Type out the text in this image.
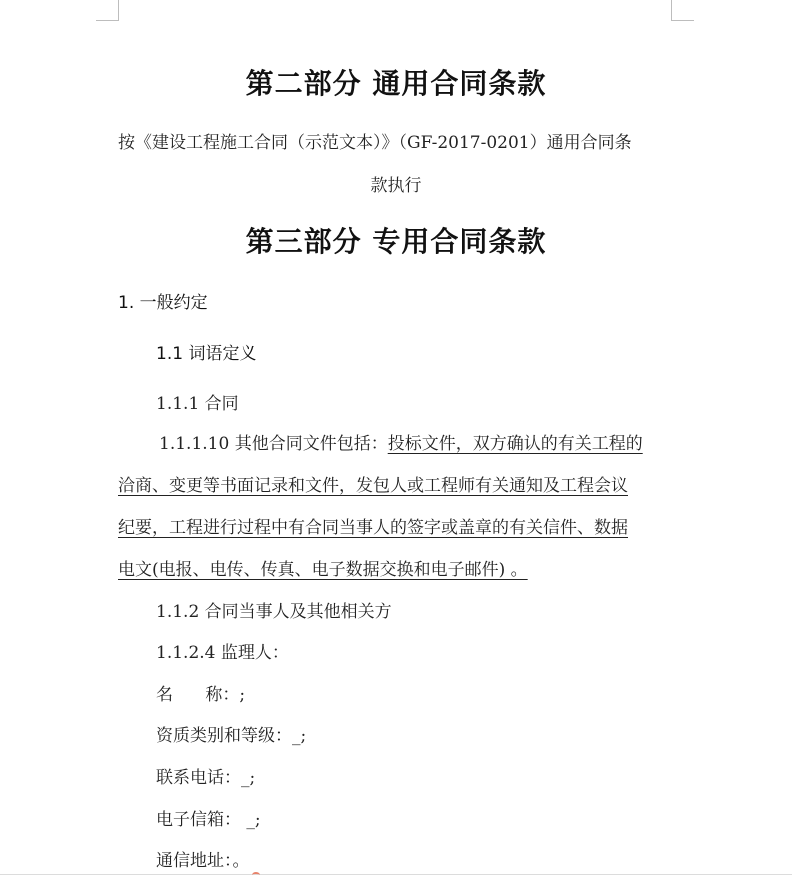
第二部分 通用合同条款
按《建设工程施工合同（示范文本）》（GF-2017-0201）通用合同条
款执行
第三部分 专用合同条款
1. 一般约定
1.1 词语定义
1.1.1 合同
1.1.1.10 其他合同文件包括：投标文件，双方确认的有关工程的
洽商、变更等书面记录和文件，发包人或工程师有关通知及工程会议
纪要，工程进行过程中有合同当事人的签字或盖章的有关信件、数据
电文(电报、电传、传真、电子数据交换和电子邮件) 。
1.1.2 合同当事人及其他相关方
1.1.2.4 监理人：
名      称：;
资质类别和等级：_;
联系电话：_;
电子信箱： _;
通信地址：。
